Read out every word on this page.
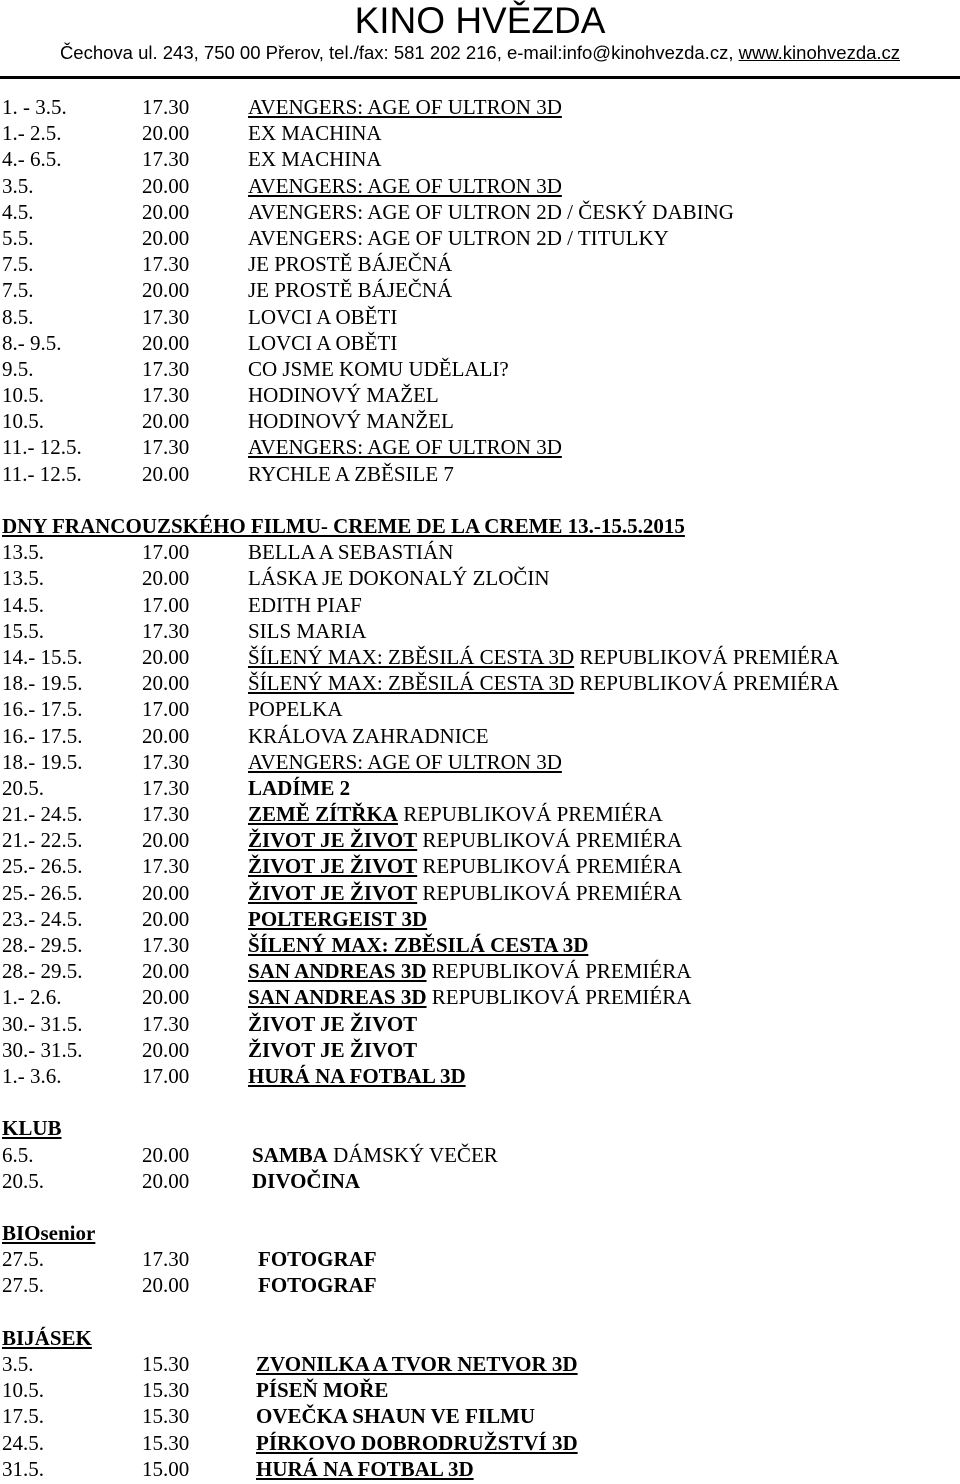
KINO HVĚZDA
Čechova ul. 243, 750 00 Přerov, tel./fax: 581 202 216, e-mail:info@kinohvezda.cz, www.kinohvezda.cz
1. - 3.5.	17.30	AVENGERS: AGE OF ULTRON 3D
1.- 2.5.	20.00	EX MACHINA
4.- 6.5.	17.30	EX MACHINA
3.5.	20.00	AVENGERS: AGE OF ULTRON 3D
4.5.	20.00	AVENGERS: AGE OF ULTRON 2D / ČESKÝ DABING
5.5.	20.00	AVENGERS: AGE OF ULTRON 2D / TITULKY
7.5.	17.30	JE PROSTĚ BÁJEČNÁ
7.5.	20.00	JE PROSTĚ BÁJEČNÁ
8.5.	17.30	LOVCI A OBĚTI
8.- 9.5.	20.00	LOVCI A OBĚTI
9.5.	17.30	CO JSME KOMU UDĚLALI?
10.5.	17.30	HODINOVÝ MAŽEL
10.5.	20.00	HODINOVÝ MANŽEL
11.- 12.5.	17.30	AVENGERS: AGE OF ULTRON 3D
11.- 12.5.	20.00	RYCHLE A ZBĚSILE 7
DNY FRANCOUZSKÉHO FILMU- CREME DE LA CREME 13.-15.5.2015
13.5.	17.00	BELLA A SEBASTIÁN
13.5.	20.00	LÁSKA JE DOKONALÝ ZLOČIN
14.5.	17.00	EDITH PIAF
15.5.	17.30	SILS MARIA
14.- 15.5.	20.00	ŠÍLENÝ MAX: ZBĚSILÁ CESTA 3D REPUBLIKOVÁ PREMIÉRA
18.- 19.5.	20.00	ŠÍLENÝ MAX: ZBĚSILÁ CESTA 3D REPUBLIKOVÁ PREMIÉRA
16.- 17.5.	17.00	POPELKA
16.- 17.5.	20.00	KRÁLOVA ZAHRADNICE
18.- 19.5.	17.30	AVENGERS: AGE OF ULTRON 3D
20.5.	17.30	LADÍME 2
21.- 24.5.	17.30	ZEMĚ ZÍTŘKA REPUBLIKOVÁ PREMIÉRA
21.- 22.5.	20.00	ŽIVOT JE ŽIVOT REPUBLIKOVÁ PREMIÉRA
25.- 26.5.	17.30	ŽIVOT JE ŽIVOT REPUBLIKOVÁ PREMIÉRA
25.- 26.5.	20.00	ŽIVOT JE ŽIVOT REPUBLIKOVÁ PREMIÉRA
23.- 24.5.	20.00	POLTERGEIST 3D
28.- 29.5.	17.30	ŠÍLENÝ MAX: ZBĚSILÁ CESTA 3D
28.- 29.5.	20.00	SAN ANDREAS 3D REPUBLIKOVÁ PREMIÉRA
1.- 2.6.	20.00	SAN ANDREAS 3D REPUBLIKOVÁ PREMIÉRA
30.- 31.5.	17.30	ŽIVOT JE ŽIVOT
30.- 31.5.	20.00	ŽIVOT JE ŽIVOT
1.- 3.6.	17.00	HURÁ NA FOTBAL 3D
KLUB
6.5.	20.00	SAMBA DÁMSKÝ VEČER
20.5.	20.00	DIVOČINA
BIOsenior
27.5.	17.30	FOTOGRAF
27.5.	20.00	FOTOGRAF
BIJÁSEK
3.5.	15.30	ZVONILKA A TVOR NETVOR 3D
10.5.	15.30	PÍSEŇ MOŘE
17.5.	15.30	OVEČKA SHAUN VE FILMU
24.5.	15.30	PÍRKOVO DOBRODRUŽSTVÍ 3D
31.5.	15.00	HURÁ NA FOTBAL 3D
